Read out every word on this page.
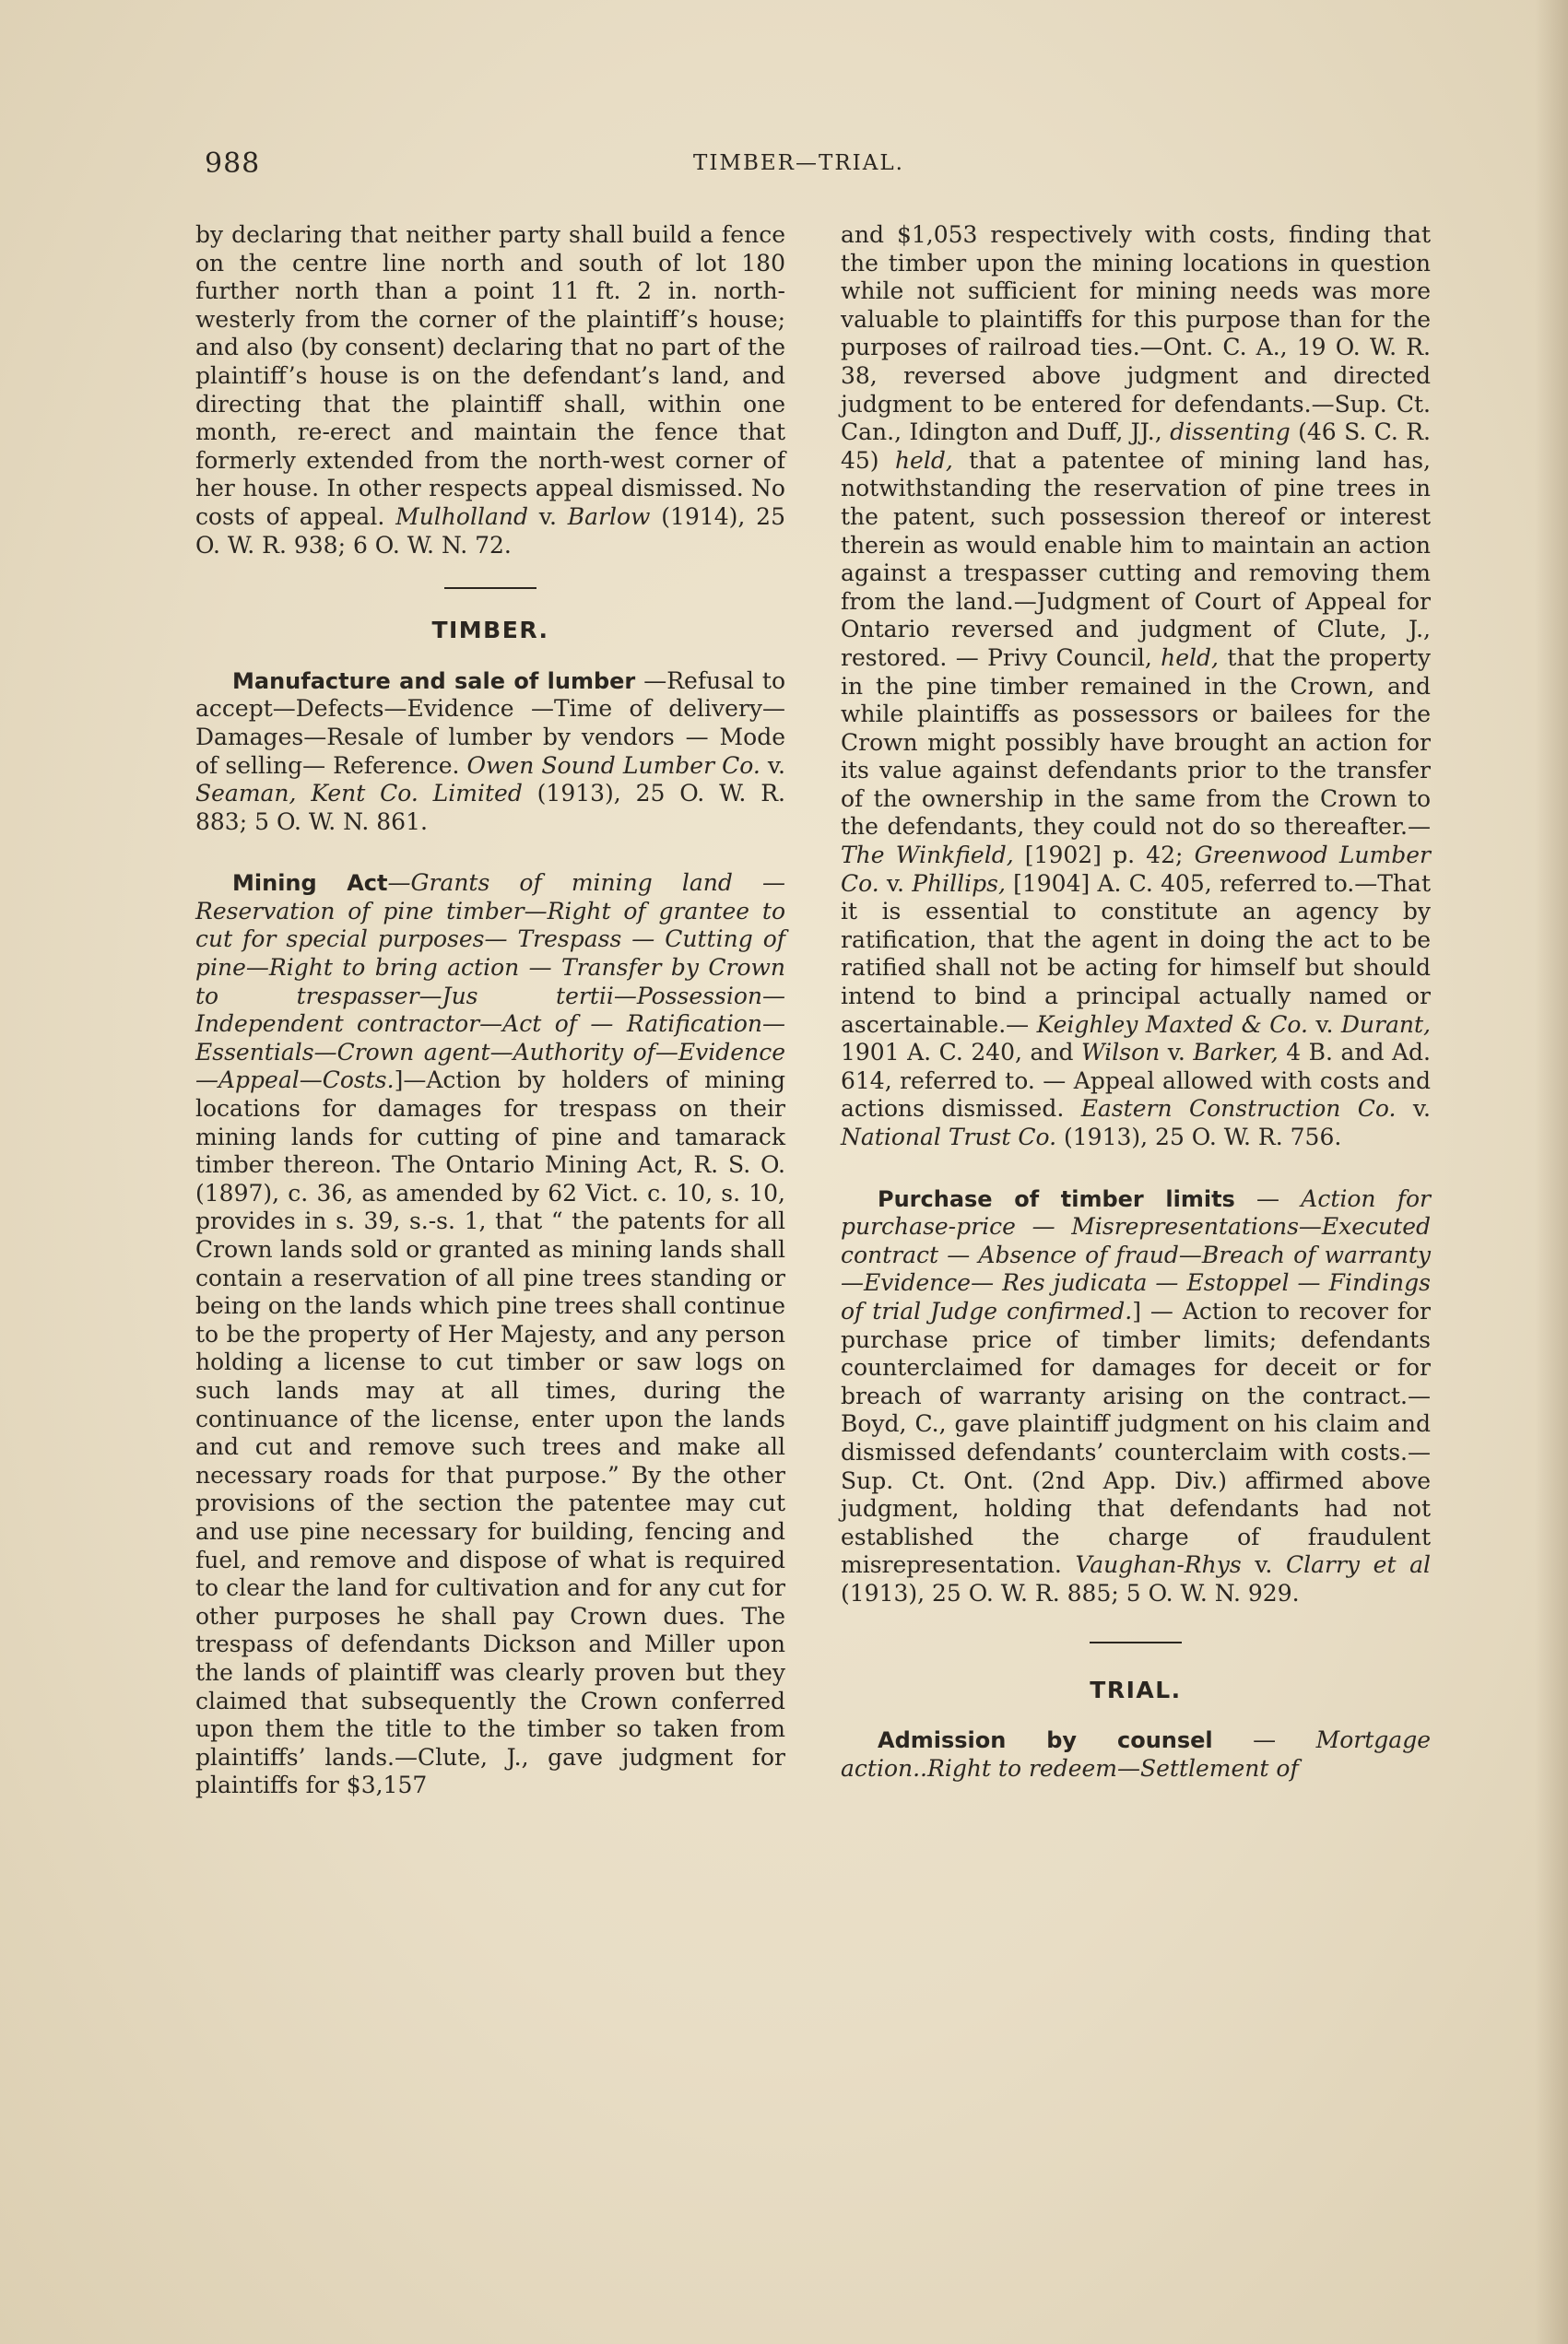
988	TIMBER—TRIAL.

by declaring that neither party shall build a fence on the centre line north and south of lot 180 further north than a point 11 ft. 2 in. north-westerly from the corner of the plaintiff’s house; and also (by consent) declaring that no part of the plaintiff’s house is on the defendant’s land, and directing that the plaintiff shall, within one month, re-erect and maintain the fence that formerly extended from the north-west corner of her house. In other respects appeal dismissed. No costs of appeal. Mulholland v. Barlow (1914), 25 O. W. R. 938; 6 O. W. N. 72.

TIMBER.

Manufacture and sale of lumber —Refusal to accept—Defects—Evidence —Time of delivery—Damages—Resale of lumber by vendors — Mode of selling— Reference. Owen Sound Lumber Co. v. Seaman, Kent Co. Limited (1913), 25 O. W. R. 883; 5 O. W. N. 861.

Mining Act—Grants of mining land —Reservation of pine timber—Right of grantee to cut for special purposes— Trespass — Cutting of pine—Right to bring action — Transfer by Crown to trespasser—Jus tertii—Possession—Independent contractor—Act of — Ratification—Essentials—Crown agent—Authority of—Evidence—Appeal—Costs.]—Action by holders of mining locations for damages for trespass on their mining lands for cutting of pine and tamarack timber thereon. The Ontario Mining Act, R. S. O. (1897), c. 36, as amended by 62 Vict. c. 10, s. 10, provides in s. 39, s.-s. 1, that “ the patents for all Crown lands sold or granted as mining lands shall contain a reservation of all pine trees standing or being on the lands which pine trees shall continue to be the property of Her Majesty, and any person holding a license to cut timber or saw logs on such lands may at all times, during the continuance of the license, enter upon the lands and cut and remove such trees and make all necessary roads for that purpose.” By the other provisions of the section the patentee may cut and use pine necessary for building, fencing and fuel, and remove and dispose of what is required to clear the land for cultivation and for any cut for other purposes he shall pay Crown dues. The trespass of defendants Dickson and Miller upon the lands of plaintiff was clearly proven but they claimed that subsequently the Crown conferred upon them the title to the timber so taken from plaintiffs’ lands.—Clute, J., gave judgment for plaintiffs for $3,157

and $1,053 respectively with costs, finding that the timber upon the mining locations in question while not sufficient for mining needs was more valuable to plaintiffs for this purpose than for the purposes of railroad ties.—Ont. C. A., 19 O. W. R. 38, reversed above judgment and directed judgment to be entered for defendants.—Sup. Ct. Can., Idington and Duff, JJ., dissenting (46 S. C. R. 45) held, that a patentee of mining land has, notwithstanding the reservation of pine trees in the patent, such possession thereof or interest therein as would enable him to maintain an action against a trespasser cutting and removing them from the land.—Judgment of Court of Appeal for Ontario reversed and judgment of Clute, J., restored. — Privy Council, held, that the property in the pine timber remained in the Crown, and while plaintiffs as possessors or bailees for the Crown might possibly have brought an action for its value against defendants prior to the transfer of the ownership in the same from the Crown to the defendants, they could not do so thereafter.—The Winkfield, [1902] p. 42; Greenwood Lumber Co. v. Phillips, [1904] A. C. 405, referred to.—That it is essential to constitute an agency by ratification, that the agent in doing the act to be ratified shall not be acting for himself but should intend to bind a principal actually named or ascertainable.— Keighley Maxted & Co. v. Durant, 1901 A. C. 240, and Wilson v. Barker, 4 B. and Ad. 614, referred to. — Appeal allowed with costs and actions dismissed. Eastern Construction Co. v. National Trust Co. (1913), 25 O. W. R. 756.

Purchase of timber limits — Action for purchase-price — Misrepresentations—Executed contract — Absence of fraud—Breach of warranty—Evidence— Res judicata — Estoppel — Findings of trial Judge confirmed.] — Action to recover for purchase price of timber limits; defendants counterclaimed for damages for deceit or for breach of warranty arising on the contract.—Boyd, C., gave plaintiff judgment on his claim and dismissed defendants’ counterclaim with costs.—Sup. Ct. Ont. (2nd App. Div.) affirmed above judgment, holding that defendants had not established the charge of fraudulent misrepresentation. Vaughan-Rhys v. Clarry et al (1913), 25 O. W. R. 885; 5 O. W. N. 929.

TRIAL.

Admission by counsel — Mortgage action..Right to redeem—Settlement of
